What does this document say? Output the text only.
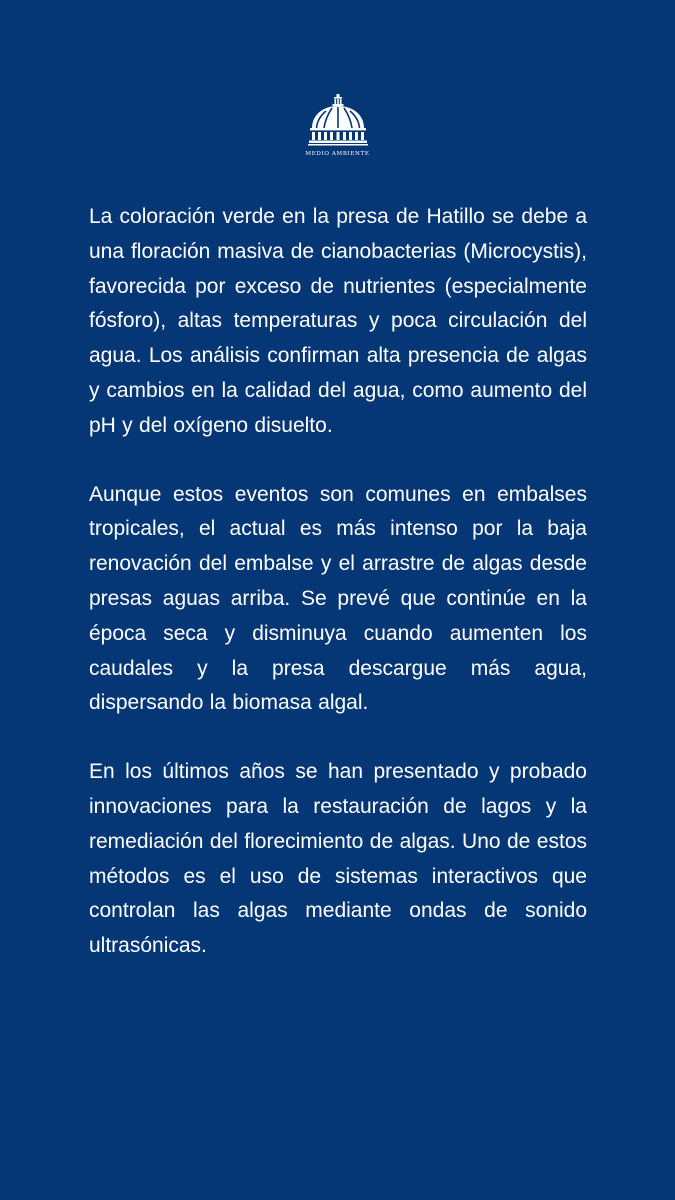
MEDIO AMBIENTE

La coloración verde en la presa de Hatillo se debe a una floración masiva de cianobacterias (Microcystis), favorecida por exceso de nutrientes (especialmente fósforo), altas temperaturas y poca circulación del agua. Los análisis confirman alta presencia de algas y cambios en la calidad del agua, como aumento del pH y del oxígeno disuelto.

Aunque estos eventos son comunes en embalses tropicales, el actual es más intenso por la baja renovación del embalse y el arrastre de algas desde presas aguas arriba. Se prevé que continúe en la época seca y disminuya cuando aumenten los caudales y la presa descargue más agua, dispersando la biomasa algal.

En los últimos años se han presentado y probado innovaciones para la restauración de lagos y la remediación del florecimiento de algas. Uno de estos métodos es el uso de sistemas interactivos que controlan las algas mediante ondas de sonido ultrasónicas.
